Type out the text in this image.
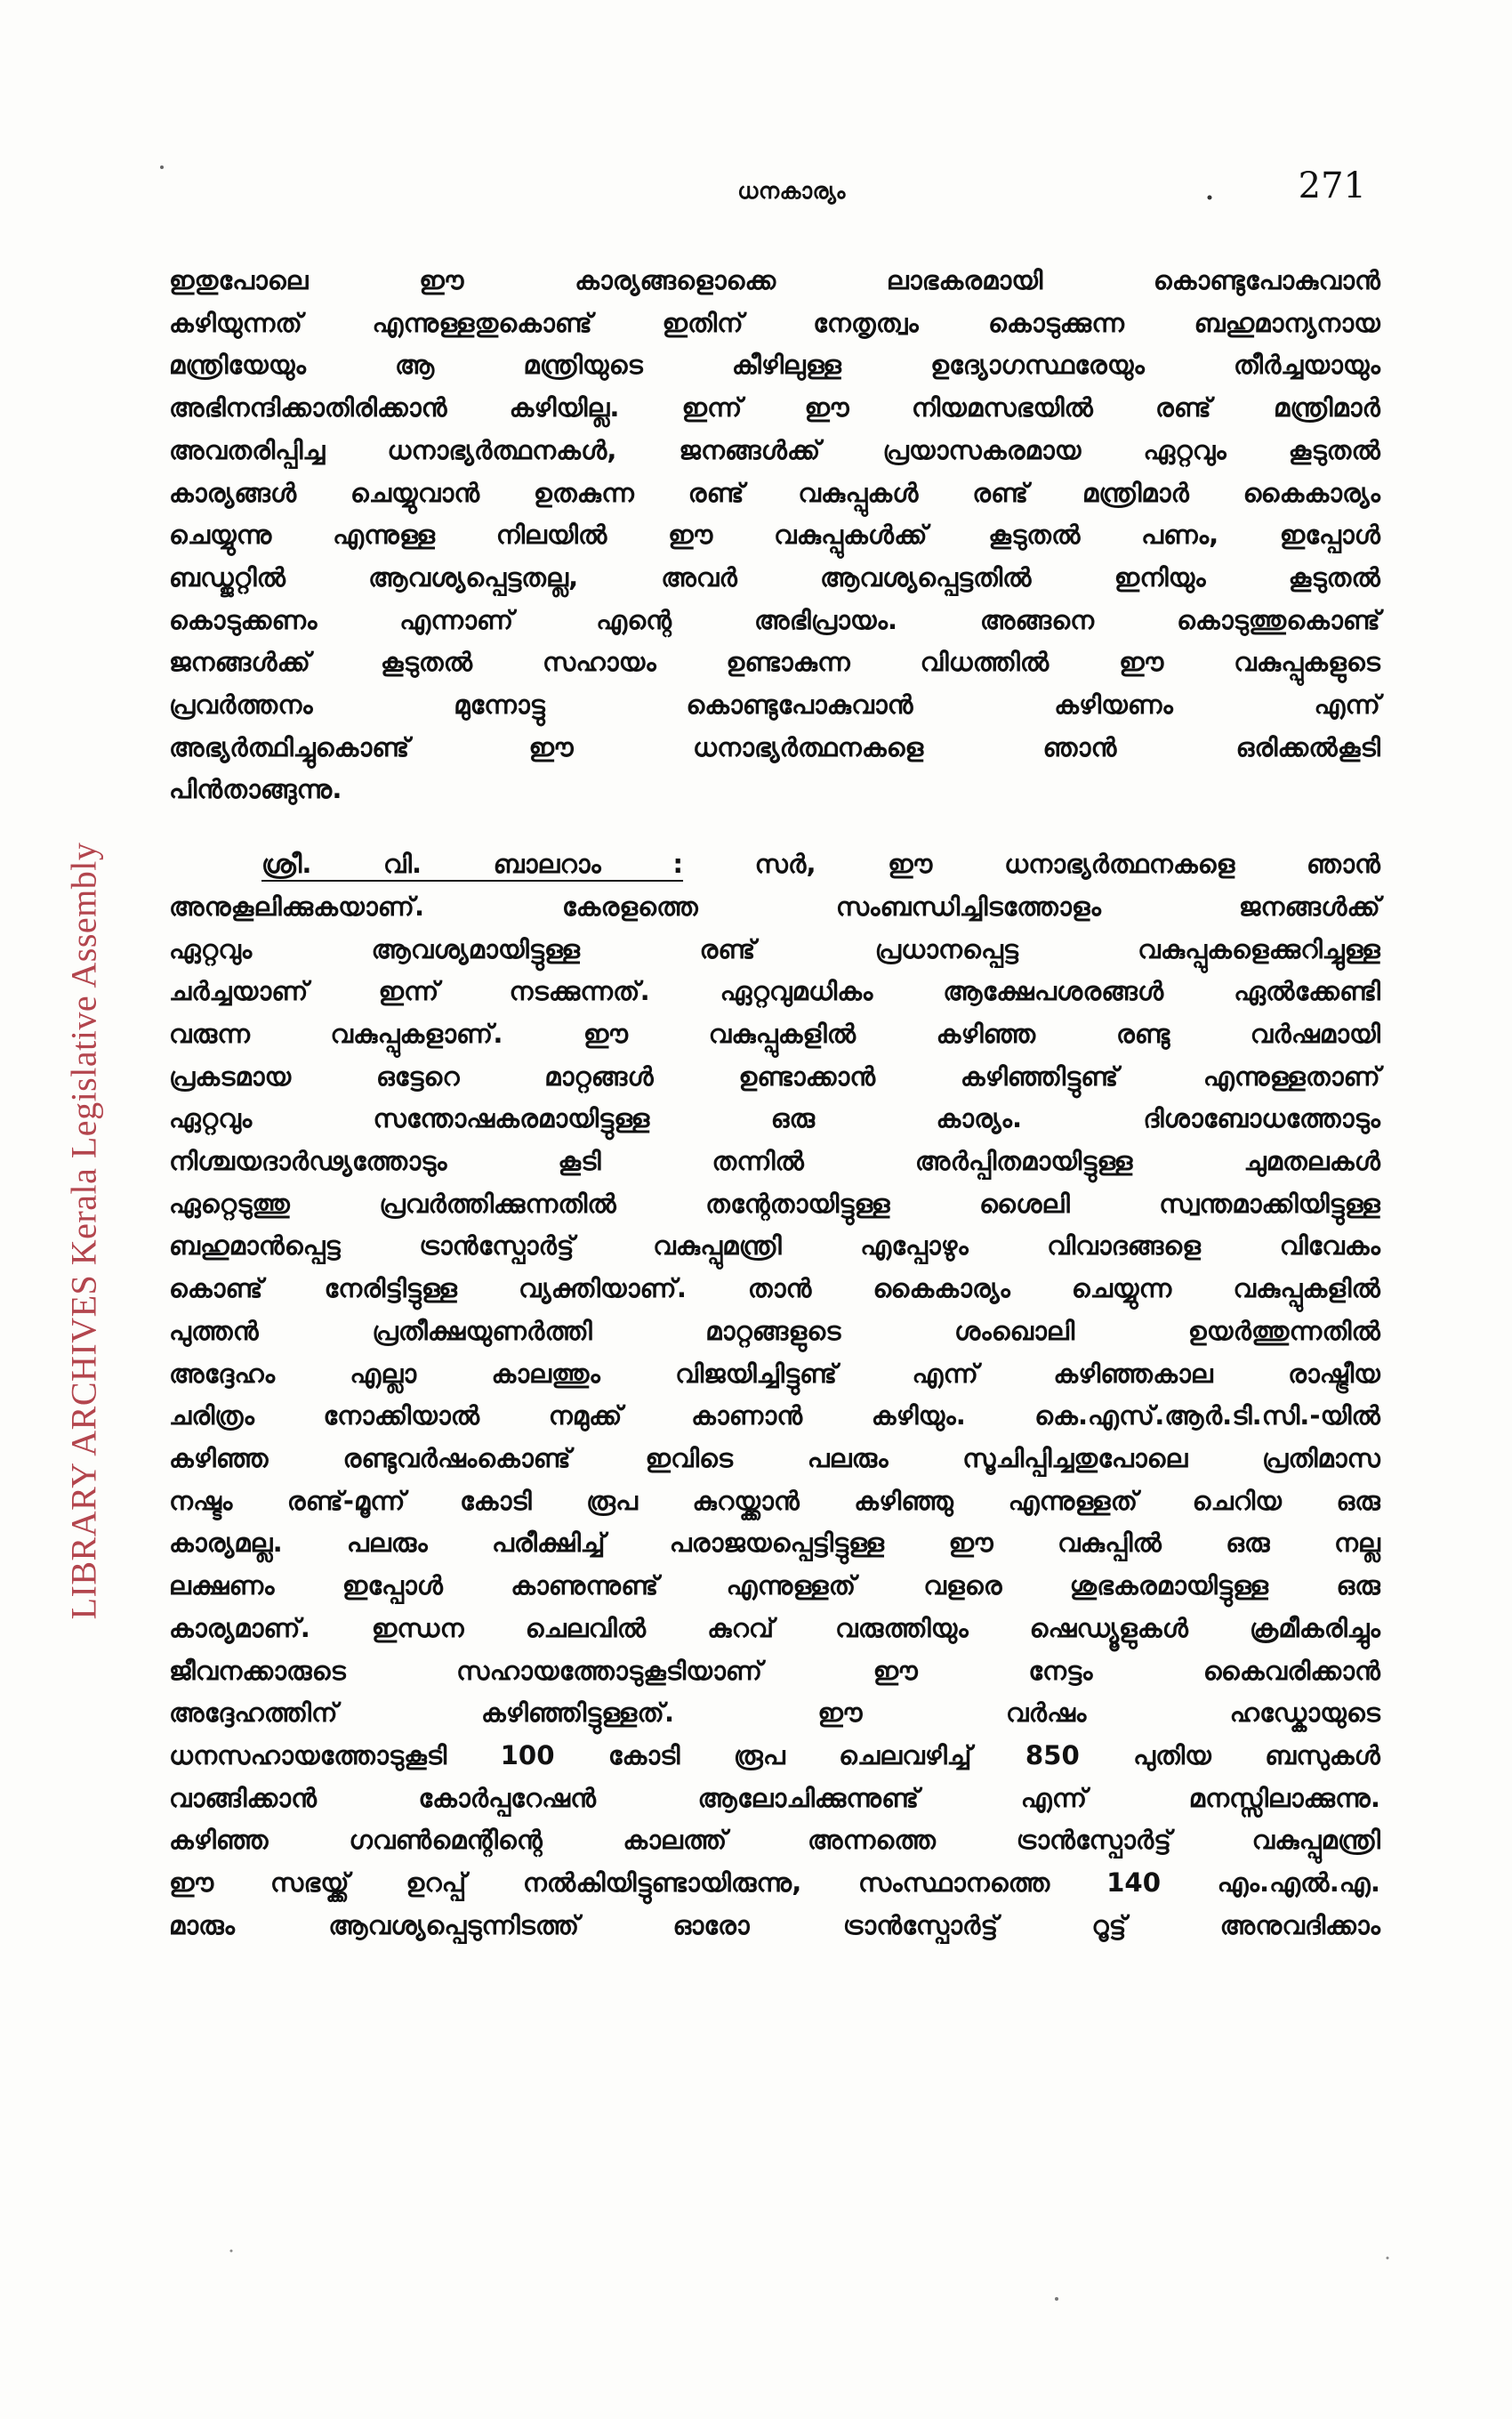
ധനകാര്യം	271
LIBRARY ARCHIVES Kerala Legislative Assembly

ഇതുപോലെ ഈ കാര്യങ്ങളൊക്കെ ലാഭകരമായി കൊണ്ടുപോകുവാൻ
കഴിയുന്നത് എന്നുള്ളതുകൊണ്ട് ഇതിന് നേതൃത്വം കൊടുക്കുന്ന ബഹുമാന്യനായ
മന്ത്രിയേയും ആ മന്ത്രിയുടെ കീഴിലുള്ള ഉദ്യോഗസ്ഥരേയും തീർച്ചയായും
അഭിനന്ദിക്കാതിരിക്കാൻ കഴിയില്ല. ഇന്ന് ഈ നിയമസഭയിൽ രണ്ട് മന്ത്രിമാർ
അവതരിപ്പിച്ച ധനാഭ്യർത്ഥനകൾ, ജനങ്ങൾക്ക് പ്രയാസകരമായ ഏറ്റവും കൂടുതൽ
കാര്യങ്ങൾ ചെയ്യുവാൻ ഉതകുന്ന രണ്ട് വകുപ്പുകൾ രണ്ട് മന്ത്രിമാർ കൈകാര്യം
ചെയ്യുന്നു എന്നുള്ള നിലയിൽ ഈ വകുപ്പുകൾക്ക് കൂടുതൽ പണം, ഇപ്പോൾ
ബഡ്ജറ്റിൽ ആവശ്യപ്പെട്ടതല്ല, അവർ ആവശ്യപ്പെട്ടതിൽ ഇനിയും കൂടുതൽ
കൊടുക്കണം എന്നാണ് എന്റെ അഭിപ്രായം. അങ്ങനെ കൊടുത്തുകൊണ്ട്
ജനങ്ങൾക്ക് കൂടുതൽ സഹായം ഉണ്ടാകുന്ന വിധത്തിൽ ഈ വകുപ്പുകളുടെ
പ്രവർത്തനം മുന്നോട്ടു കൊണ്ടുപോകുവാൻ കഴിയണം എന്ന്
അഭ്യർത്ഥിച്ചുകൊണ്ട് ഈ ധനാഭ്യർത്ഥനകളെ ഞാൻ ഒരിക്കൽകൂടി
പിൻതാങ്ങുന്നു.

ശ്രീ. വി. ബാലറാം :	സർ, ഈ ധനാഭ്യർത്ഥനകളെ ഞാൻ
അനുകൂലിക്കുകയാണ്. കേരളത്തെ സംബന്ധിച്ചിടത്തോളം ജനങ്ങൾക്ക്
ഏറ്റവും ആവശ്യമായിട്ടുള്ള രണ്ട് പ്രധാനപ്പെട്ട വകുപ്പുകളെക്കുറിച്ചുള്ള
ചർച്ചയാണ് ഇന്ന് നടക്കുന്നത്. ഏറ്റവുമധികം ആക്ഷേപശരങ്ങൾ ഏൽക്കേണ്ടി
വരുന്ന വകുപ്പുകളാണ്. ഈ വകുപ്പുകളിൽ കഴിഞ്ഞ രണ്ടു വർഷമായി
പ്രകടമായ ഒട്ടേറെ മാറ്റങ്ങൾ ഉണ്ടാക്കാൻ കഴിഞ്ഞിട്ടുണ്ട് എന്നുള്ളതാണ്
ഏറ്റവും സന്തോഷകരമായിട്ടുള്ള ഒരു കാര്യം. ദിശാബോധത്തോടും
നിശ്ചയദാർഢ്യത്തോടും കൂടി തന്നിൽ അർപ്പിതമായിട്ടുള്ള ചുമതലകൾ
ഏറ്റെടുത്തു പ്രവർത്തിക്കുന്നതിൽ തന്റേതായിട്ടുള്ള ശൈലി സ്വന്തമാക്കിയിട്ടുള്ള
ബഹുമാൻപ്പെട്ട ട്രാൻസ്പോർട്ട് വകുപ്പുമന്ത്രി എപ്പോഴും വിവാദങ്ങളെ വിവേകം
കൊണ്ട് നേരിട്ടിട്ടുള്ള വ്യക്തിയാണ്. താൻ കൈകാര്യം ചെയ്യുന്ന വകുപ്പുകളിൽ
പുത്തൻ പ്രതീക്ഷയുണർത്തി മാറ്റങ്ങളുടെ ശംഖൊലി ഉയർത്തുന്നതിൽ
അദ്ദേഹം എല്ലാ കാലത്തും വിജയിച്ചിട്ടുണ്ട് എന്ന് കഴിഞ്ഞകാല രാഷ്ട്രീയ
ചരിത്രം നോക്കിയാൽ നമുക്ക് കാണാൻ കഴിയും. കെ.എസ്.ആർ.ടി.സി.-യിൽ
കഴിഞ്ഞ രണ്ടുവർഷംകൊണ്ട് ഇവിടെ പലരും സൂചിപ്പിച്ചതുപോലെ പ്രതിമാസ
നഷ്ടം രണ്ട്-മൂന്ന് കോടി രൂപ കുറയ്ക്കാൻ കഴിഞ്ഞു എന്നുള്ളത് ചെറിയ ഒരു
കാര്യമല്ല. പലരും പരീക്ഷിച്ച് പരാജയപ്പെട്ടിട്ടുള്ള ഈ വകുപ്പിൽ ഒരു നല്ല
ലക്ഷണം ഇപ്പോൾ കാണുന്നുണ്ട് എന്നുള്ളത് വളരെ ശുഭകരമായിട്ടുള്ള ഒരു
കാര്യമാണ്. ഇന്ധന ചെലവിൽ കുറവ് വരുത്തിയും ഷെഡ്യൂളുകൾ ക്രമീകരിച്ചും
ജീവനക്കാരുടെ സഹായത്തോടുകൂടിയാണ് ഈ നേട്ടം കൈവരിക്കാൻ
അദ്ദേഹത്തിന് കഴിഞ്ഞിട്ടുള്ളത്. ഈ വർഷം ഹഡ്കോയുടെ
ധനസഹായത്തോടുകൂടി 100 കോടി രൂപ ചെലവഴിച്ച് 850 പുതിയ ബസുകൾ
വാങ്ങിക്കാൻ കോർപ്പറേഷൻ ആലോചിക്കുന്നുണ്ട് എന്ന് മനസ്സിലാക്കുന്നു.
കഴിഞ്ഞ ഗവൺമെന്റിന്റെ കാലത്ത് അന്നത്തെ ട്രാൻസ്പോർട്ട് വകുപ്പുമന്ത്രി
ഈ സഭയ്ക്ക് ഉറപ്പ് നൽകിയിട്ടുണ്ടായിരുന്നു, സംസ്ഥാനത്തെ 140 എം.എൽ.എ.
മാരും ആവശ്യപ്പെടുന്നിടത്ത് ഓരോ ട്രാൻസ്പോർട്ട് റൂട്ട് അനുവദിക്കാം
